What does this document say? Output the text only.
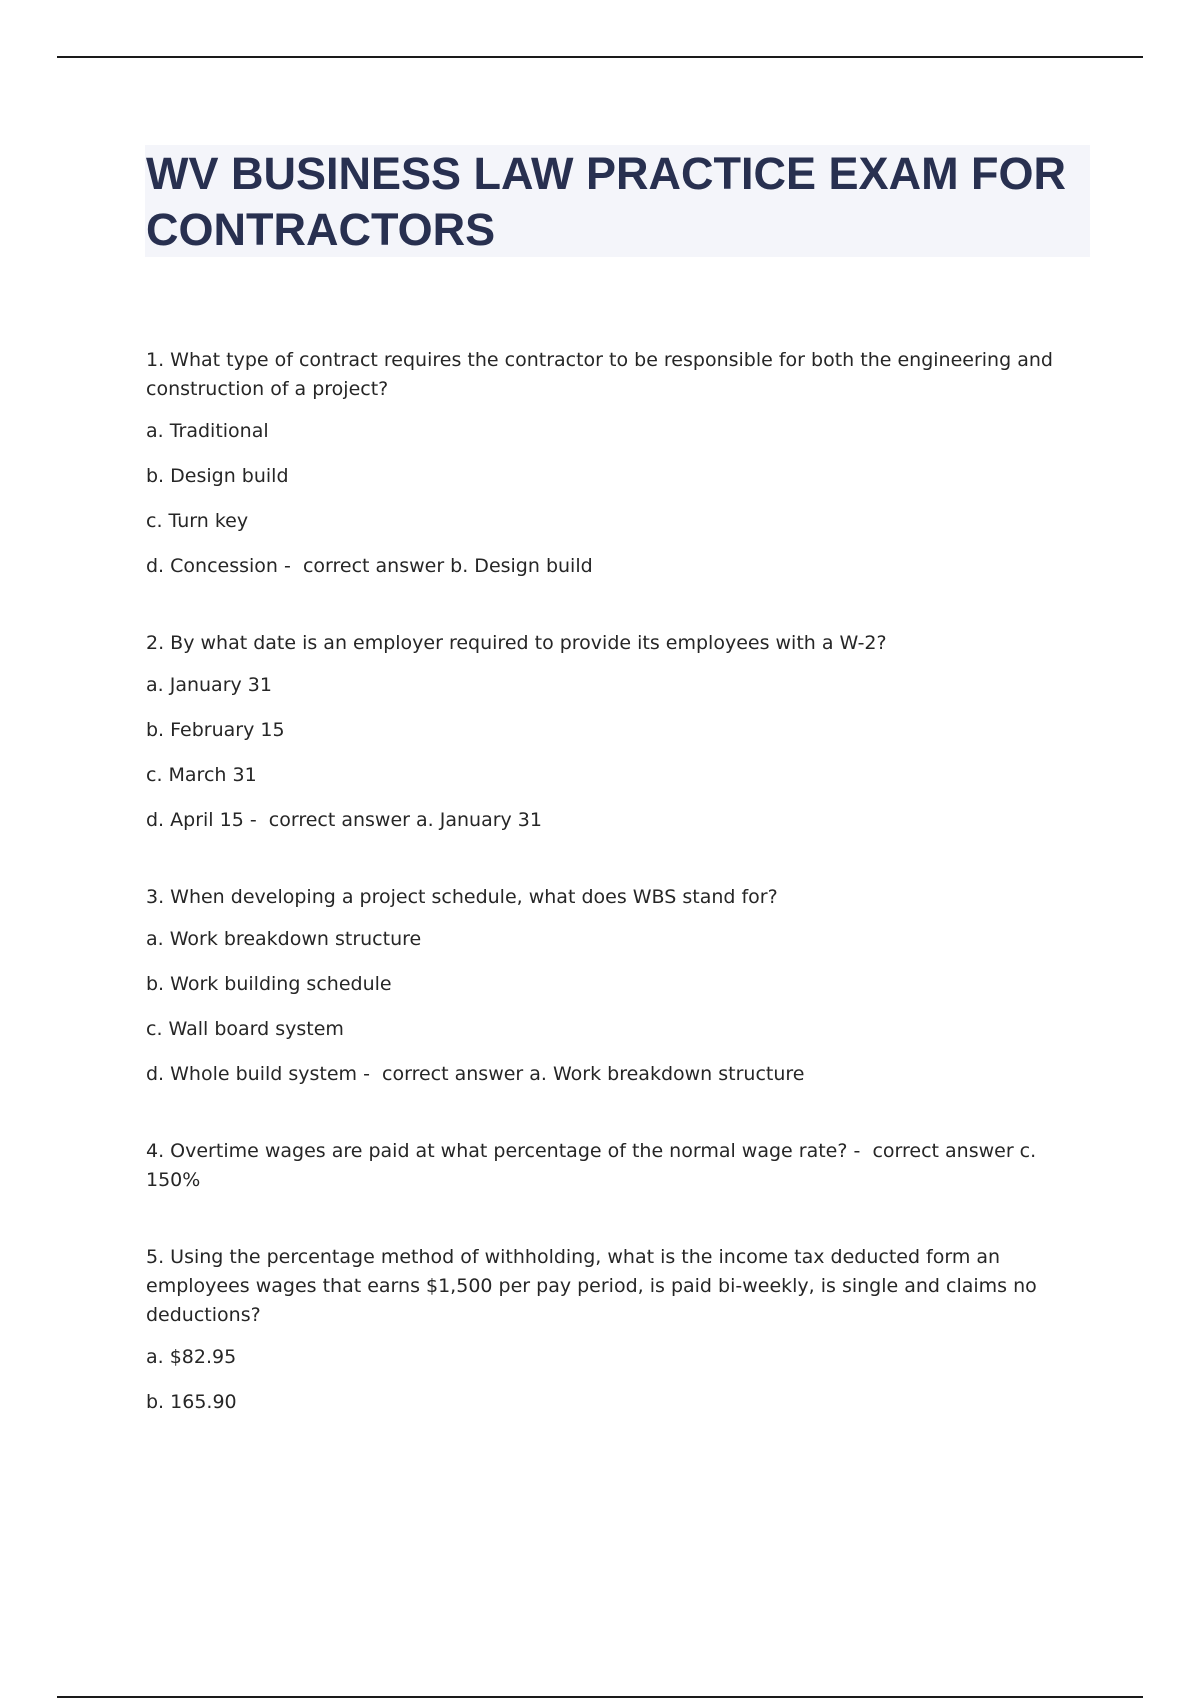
WV BUSINESS LAW PRACTICE EXAM FOR CONTRACTORS

1. What type of contract requires the contractor to be responsible for both the engineering and construction of a project?

a. Traditional

b. Design build

c. Turn key

d. Concession -  correct answer b. Design build

2. By what date is an employer required to provide its employees with a W-2?

a. January 31

b. February 15

c. March 31

d. April 15 -  correct answer a. January 31

3. When developing a project schedule, what does WBS stand for?

a. Work breakdown structure

b. Work building schedule

c. Wall board system

d. Whole build system -  correct answer a. Work breakdown structure

4. Overtime wages are paid at what percentage of the normal wage rate? -  correct answer c. 150%

5. Using the percentage method of withholding, what is the income tax deducted form an employees wages that earns $1,500 per pay period, is paid bi-weekly, is single and claims no deductions?

a. $82.95

b. 165.90
